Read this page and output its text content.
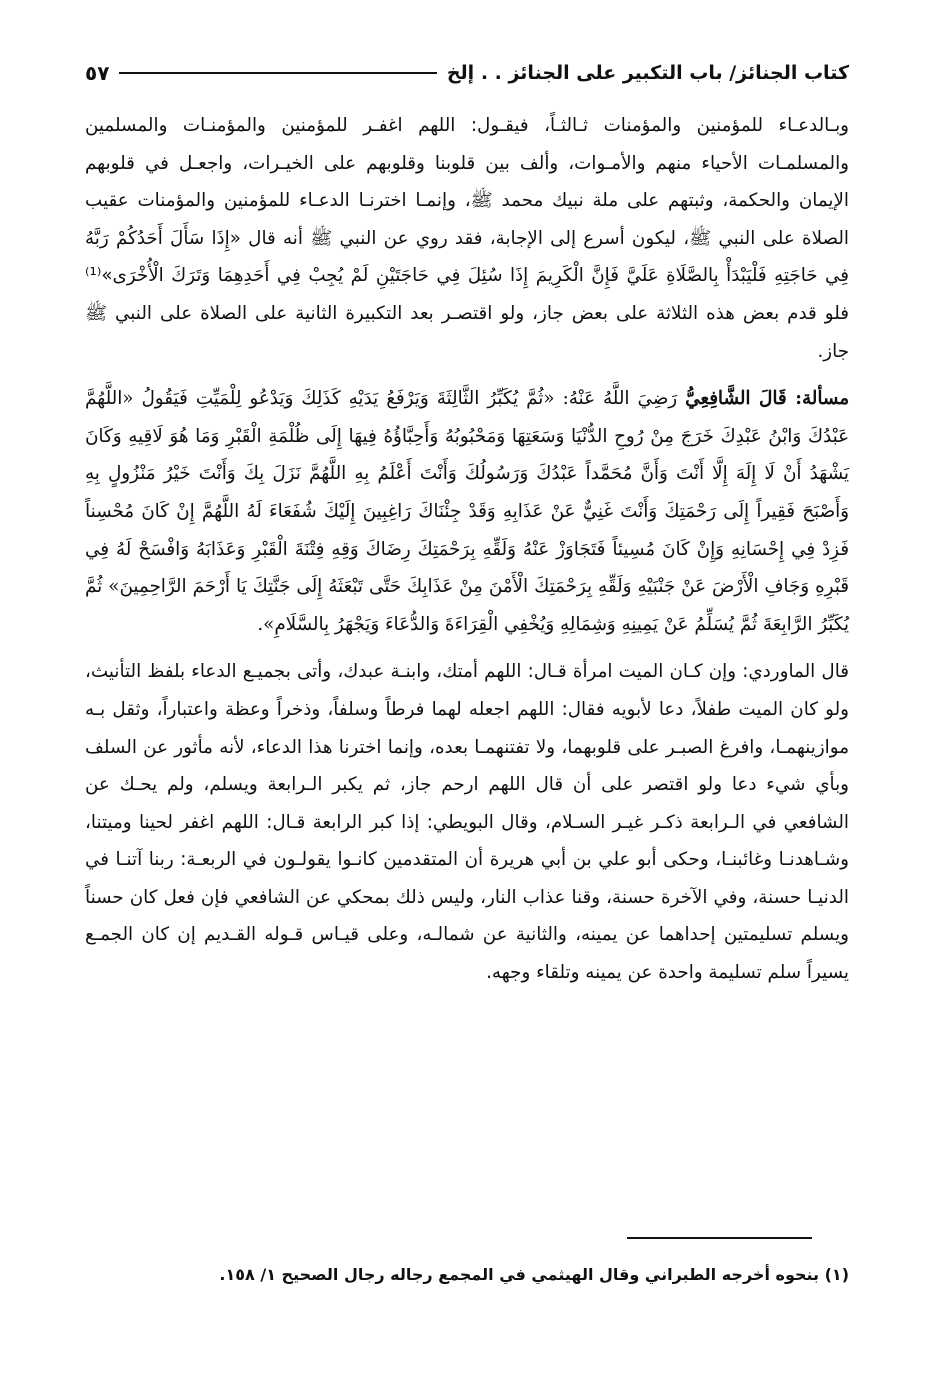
كتاب الجنائز/ باب التكبير على الجنائز . . إلخ
٥٧

وبـالدعـاء للمؤمنين والمؤمنات ثـالثـاً، فيقـول: اللهم اغفـر للمؤمنين والمؤمنـات والمسلمين والمسلمـات الأحياء منهم والأمـوات، وألف بين قلوبنا وقلوبهم على الخيـرات، واجعـل في قلوبهم الإيمان والحكمة، وثبتهم على ملة نبيك محمد ﷺ، وإنمـا اخترنـا الدعـاء للمؤمنين والمؤمنات عقيب الصلاة على النبي ﷺ، ليكون أسرع إلى الإجابة، فقد روي عن النبي ﷺ أنه قال «إِذَا سَأَلَ أَحَدُكُمْ رَبَّهُ فِي حَاجَتِهِ فَلْيَبْدَأْ بِالصَّلَاةِ عَلَيَّ فَإِنَّ الْكَرِيمَ إِذَا سُئِلَ فِي حَاجَتَيْنِ لَمْ يُجِبْ فِي أَحَدِهِمَا وَتَرَكَ الْأُخْرَى»⁽¹⁾ فلو قدم بعض هذه الثلاثة على بعض جاز، ولو اقتصـر بعد التكبيرة الثانية على الصلاة على النبي ﷺ جاز.

مسألة: قَالَ الشَّافِعِيُّ رَضِيَ اللَّهُ عَنْهُ: «ثُمَّ يُكَبِّرُ الثَّالِثَةَ وَيَرْفَعُ يَدَيْهِ كَذَلِكَ وَيَدْعُو لِلْمَيِّتِ فَيَقُولُ «اللَّهُمَّ عَبْدُكَ وَابْنُ عَبْدِكَ خَرَجَ مِنْ رُوحِ الدُّنْيَا وَسَعَتِهَا وَمَحْبُوبُهُ وَأَحِبَّاؤُهُ فِيهَا إِلَى ظُلْمَةِ الْقَبْرِ وَمَا هُوَ لَاقِيهِ وَكَانَ يَشْهَدُ أَنْ لَا إِلَهَ إِلَّا أَنْتَ وَأَنَّ مُحَمَّداً عَبْدُكَ وَرَسُولُكَ وَأَنْتَ أَعْلَمُ بِهِ اللَّهُمَّ نَزَلَ بِكَ وَأَنْتَ خَيْرُ مَنْزُولٍ بِهِ وَأَصْبَحَ فَقِيراً إِلَى رَحْمَتِكَ وَأَنْتَ غَنِيٌّ عَنْ عَذَابِهِ وَقَدْ جِئْنَاكَ رَاغِبِينَ إِلَيْكَ شُفَعَاءَ لَهُ اللَّهُمَّ إِنْ كَانَ مُحْسِناً فَزِدْ فِي إِحْسَانِهِ وَإِنْ كَانَ مُسِيئاً فَتَجَاوَزْ عَنْهُ وَلَقِّهِ بِرَحْمَتِكَ رِضَاكَ وَقِهِ فِتْنَةَ الْقَبْرِ وَعَذَابَهُ وَافْسَحْ لَهُ فِي قَبْرِهِ وَجَافِ الْأَرْضَ عَنْ جَنْبَيْهِ وَلَقِّهِ بِرَحْمَتِكَ الْأَمْنَ مِنْ عَذَابِكَ حَتَّى تَبْعَثَهُ إِلَى جَنَّتِكَ يَا أَرْحَمَ الرَّاحِمِينَ» ثُمَّ يُكَبِّرُ الرَّابِعَةَ ثُمَّ يُسَلِّمُ عَنْ يَمِينِهِ وَشِمَالِهِ وَيُخْفِي الْقِرَاءَةَ وَالدُّعَاءَ وَيَجْهَرُ بِالسَّلَامِ».

قال الماوردي: وإن كـان الميت امرأة قـال: اللهم أمتك، وابنـة عبدك، وأتى بجميـع الدعاء بلفظ التأنيث، ولو كان الميت طفلاً، دعا لأبويه فقال: اللهم اجعله لهما فرطاً وسلفاً، وذخراً وعظة واعتباراً، وثقل بـه موازينهمـا، وافرغ الصبـر على قلوبهما، ولا تفتنهمـا بعده، وإنما اخترنا هذا الدعاء، لأنه مأثور عن السلف وبأي شيء دعا ولو اقتصر على أن قال اللهم ارحم جاز، ثم يكبر الـرابعة ويسلم، ولم يحـك عن الشافعي في الـرابعة ذكـر غيـر السـلام، وقال البويطي: إذا كبر الرابعة قـال: اللهم اغفر لحينا وميتنا، وشـاهدنـا وغائبنـا، وحكى أبو علي بن أبي هريرة أن المتقدمين كانـوا يقولـون في الربعـة: ربنا آتنـا في الدنيـا حسنة، وفي الآخرة حسنة، وقنا عذاب النار، وليس ذلك بمحكي عن الشافعي فإن فعل كان حسناً ويسلم تسليمتين إحداهما عن يمينه، والثانية عن شمالـه، وعلى قيـاس قـوله القـديم إن كان الجمـع يسيراً سلم تسليمة واحدة عن يمينه وتلقاء وجهه.

(١) بنحوه أخرجه الطبراني وقال الهيثمي في المجمع رجاله رجال الصحيح ١/ ١٥٨.
